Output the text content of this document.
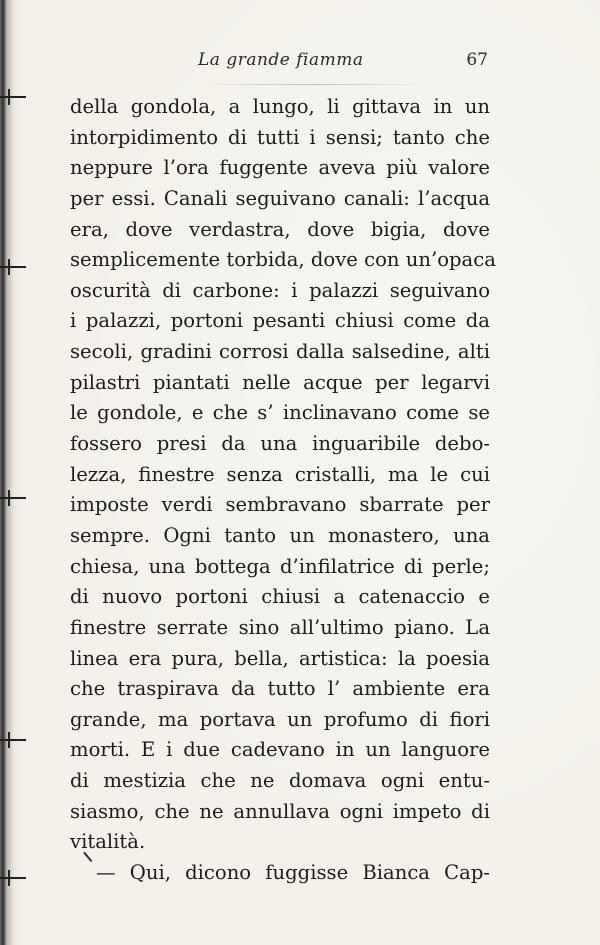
La grande fiamma	67
della gondola, a lungo, li gittava in un
intorpidimento di tutti i sensi; tanto che
neppure l’ora fuggente aveva più valore
per essi. Canali seguivano canali: l’acqua
era, dove verdastra, dove bigia, dove
semplicemente torbida, dove con un’opaca
oscurità di carbone: i palazzi seguivano
i palazzi, portoni pesanti chiusi come da
secoli, gradini corrosi dalla salsedine, alti
pilastri piantati nelle acque per legarvi
le gondole, e che s’ inclinavano come se
fossero presi da una inguaribile debo-
lezza, finestre senza cristalli, ma le cui
imposte verdi sembravano sbarrate per
sempre. Ogni tanto un monastero, una
chiesa, una bottega d’infilatrice di perle;
di nuovo portoni chiusi a catenaccio e
finestre serrate sino all’ultimo piano. La
linea era pura, bella, artistica: la poesia
che traspirava da tutto l’ ambiente era
grande, ma portava un profumo di fiori
morti. E i due cadevano in un languore
di mestizia che ne domava ogni entu-
siasmo, che ne annullava ogni impeto di
vitalità.
— Qui, dicono fuggisse Bianca Cap-
